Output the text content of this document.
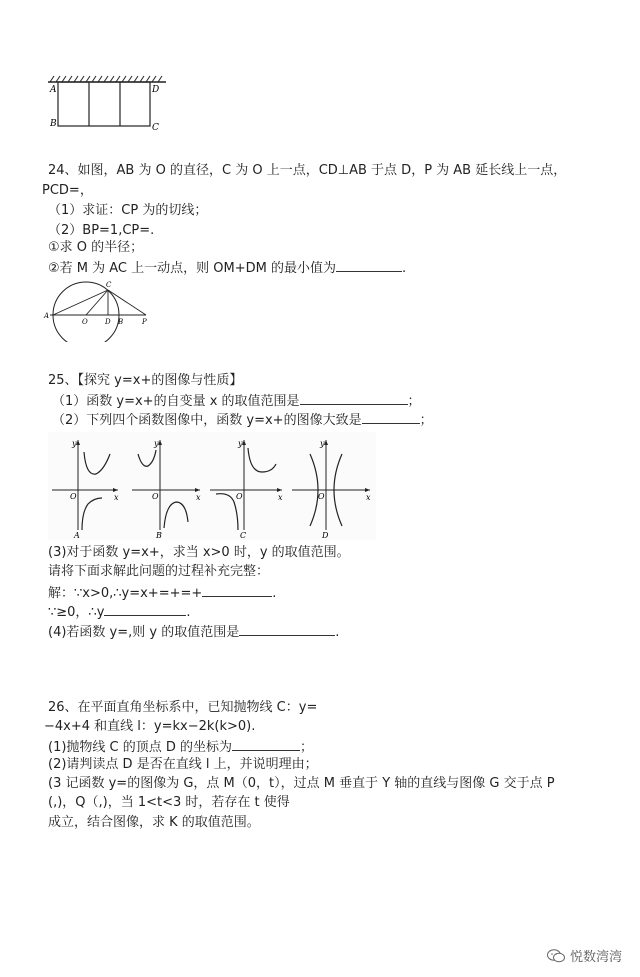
A
B	C
D
24、如图，AB 为 O 的直径，C 为 O 上一点，CD⊥AB 于点 D，P 为 AB 延长线上一点，
PCD=，
（1）求证：CP 为的切线；
（2）BP=1,CP=.
①求 O 的半径；
②若 M 为 AC 上一动点，则 OM+DM 的最小值为	.
A
O D B	P
C
25、【探究 y=x+的图像与性质】
（1）函数 y=x+的自变量 x 的取值范围是	；
（2）下列四个函数图像中，函数 y=x+的图像大致是	；
y
x
O
A
y
x
O
B
y
x
O
C
y
x
O
D
(3)对于函数 y=x+，求当 x>0 时，y 的取值范围。
请将下面求解此问题的过程补充完整：
解：∵x>0,∴y=x+=+=+	.
∵≥0，∴y	.
(4)若函数 y=,则 y 的取值范围是	.
26、在平面直角坐标系中，已知抛物线 C：y=
−4x+4 和直线 l：y=kx−2k(k>0).
(1)抛物线 C 的顶点 D 的坐标为	；
(2)请判读点 D 是否在直线 l 上，并说明理由；
(3 记函数 y=的图像为 G，点 M（0，t），过点 M 垂直于 Y 轴的直线与图像 G 交于点 P
(,)，Q（,)，当 1<t<3 时，若存在 t 使得
成立，结合图像，求 K 的取值范围。
悦数湾湾
